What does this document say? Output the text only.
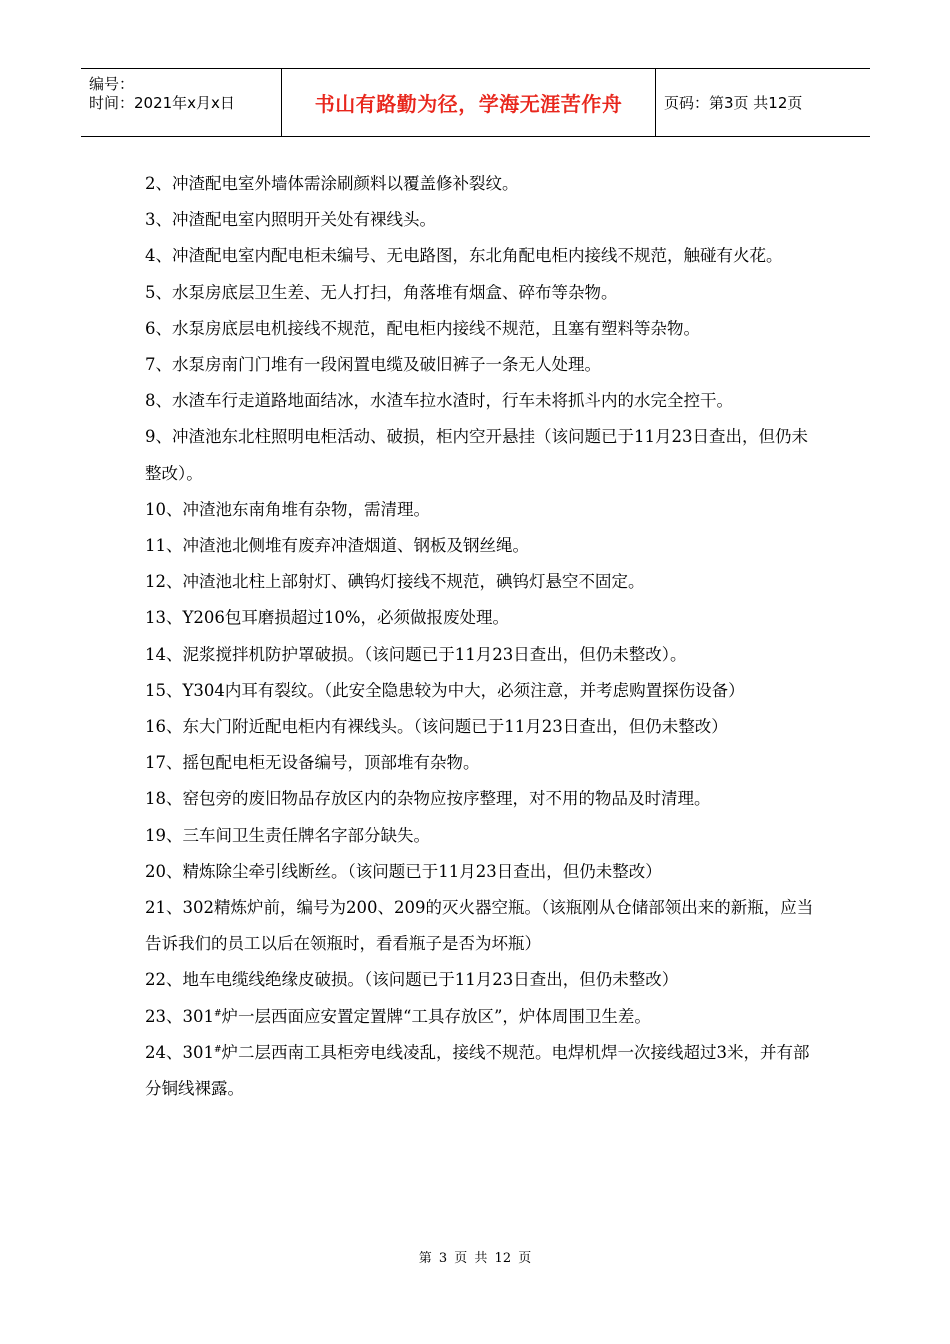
编号：
时间：2021年x月x日	书山有路勤为径，学海无涯苦作舟	页码：第3页 共12页

2、冲渣配电室外墙体需涂刷颜料以覆盖修补裂纹。

3、冲渣配电室内照明开关处有裸线头。

4、冲渣配电室内配电柜未编号、无电路图，东北角配电柜内接线不规范，触碰有火花。

5、水泵房底层卫生差、无人打扫，角落堆有烟盒、碎布等杂物。

6、水泵房底层电机接线不规范，配电柜内接线不规范，且塞有塑料等杂物。

7、水泵房南门门堆有一段闲置电缆及破旧裤子一条无人处理。

8、水渣车行走道路地面结冰，水渣车拉水渣时，行车未将抓斗内的水完全控干。

9、冲渣池东北柱照明电柜活动、破损，柜内空开悬挂（该问题已于11月23日查出，但仍未整改）。

10、冲渣池东南角堆有杂物，需清理。

11、冲渣池北侧堆有废弃冲渣烟道、钢板及钢丝绳。

12、冲渣池北柱上部射灯、碘钨灯接线不规范，碘钨灯悬空不固定。

13、Y206包耳磨损超过10%，必须做报废处理。

14、泥浆搅拌机防护罩破损。（该问题已于11月23日查出，但仍未整改）。

15、Y304内耳有裂纹。（此安全隐患较为中大，必须注意，并考虑购置探伤设备）

16、东大门附近配电柜内有裸线头。（该问题已于11月23日查出，但仍未整改）

17、摇包配电柜无设备编号，顶部堆有杂物。

18、窑包旁的废旧物品存放区内的杂物应按序整理，对不用的物品及时清理。

19、三车间卫生责任牌名字部分缺失。

20、精炼除尘牵引线断丝。（该问题已于11月23日查出，但仍未整改）

21、302精炼炉前，编号为200、209的灭火器空瓶。（该瓶刚从仓储部领出来的新瓶，应当告诉我们的员工以后在领瓶时，看看瓶子是否为坏瓶）

22、地车电缆线绝缘皮破损。（该问题已于11月23日查出，但仍未整改）

23、301#炉一层西面应安置定置牌“工具存放区”，炉体周围卫生差。

24、301#炉二层西南工具柜旁电线凌乱，接线不规范。电焊机焊一次接线超过3米，并有部分铜线裸露。

第 3 页 共 12 页
